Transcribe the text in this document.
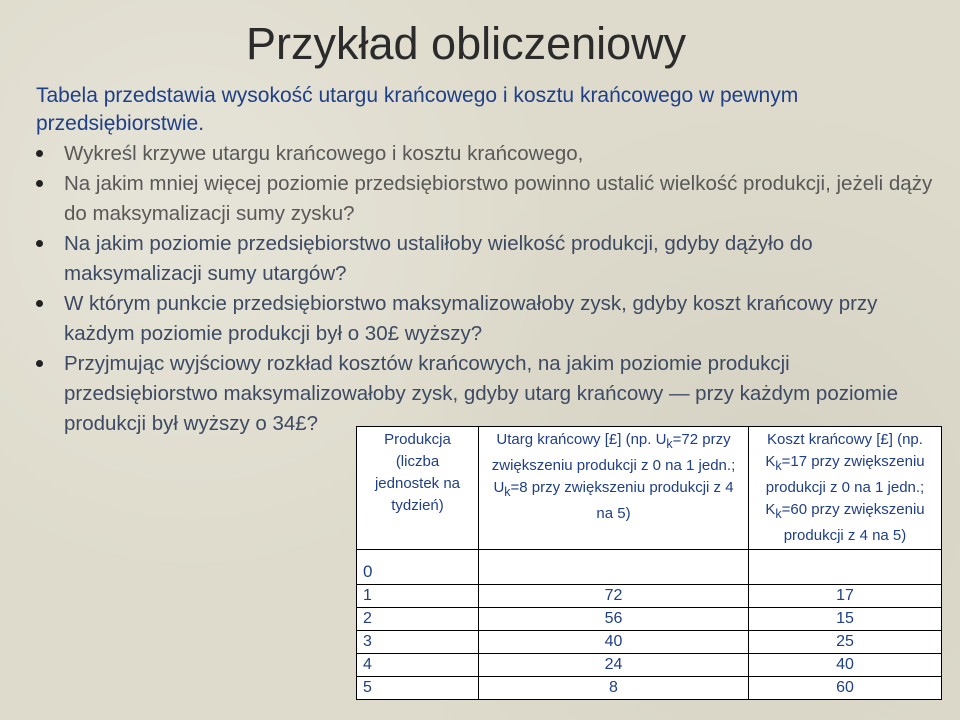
Przykład obliczeniowy
Tabela przedstawia wysokość utargu krańcowego i kosztu krańcowego w pewnym przedsiębiorstwie.
Wykreśl krzywe utargu krańcowego i kosztu krańcowego,
Na jakim mniej więcej poziomie przedsiębiorstwo powinno ustalić wielkość produkcji, jeżeli dąży do maksymalizacji sumy zysku?
Na jakim poziomie przedsiębiorstwo ustaliłoby wielkość produkcji, gdyby dążyło do maksymalizacji sumy utargów?
W którym punkcie przedsiębiorstwo maksymalizowałoby zysk, gdyby koszt krańcowy przy każdym poziomie produkcji był o 30£ wyższy?
Przyjmując wyjściowy rozkład kosztów krańcowych, na jakim poziomie produkcji przedsiębiorstwo maksymalizowałoby zysk, gdyby utarg krańcowy — przy każdym poziomie produkcji był wyższy o 34£?
Produkcja (liczba jednostek na tydzień)	Utarg krańcowy [£] (np. $U_k=72$ przy zwiększeniu produkcji z 0 na 1 jedn.; $U_k=8$ przy zwiększeniu produkcji z 4 na 5)	Koszt krańcowy [£] (np. $K_k=17$ przy zwiększeniu produkcji z 0 na 1 jedn.; $K_k=60$ przy zwiększeniu produkcji z 4 na 5)
0		
1	72	17
2	56	15
3	40	25
4	24	40
5	8	60
